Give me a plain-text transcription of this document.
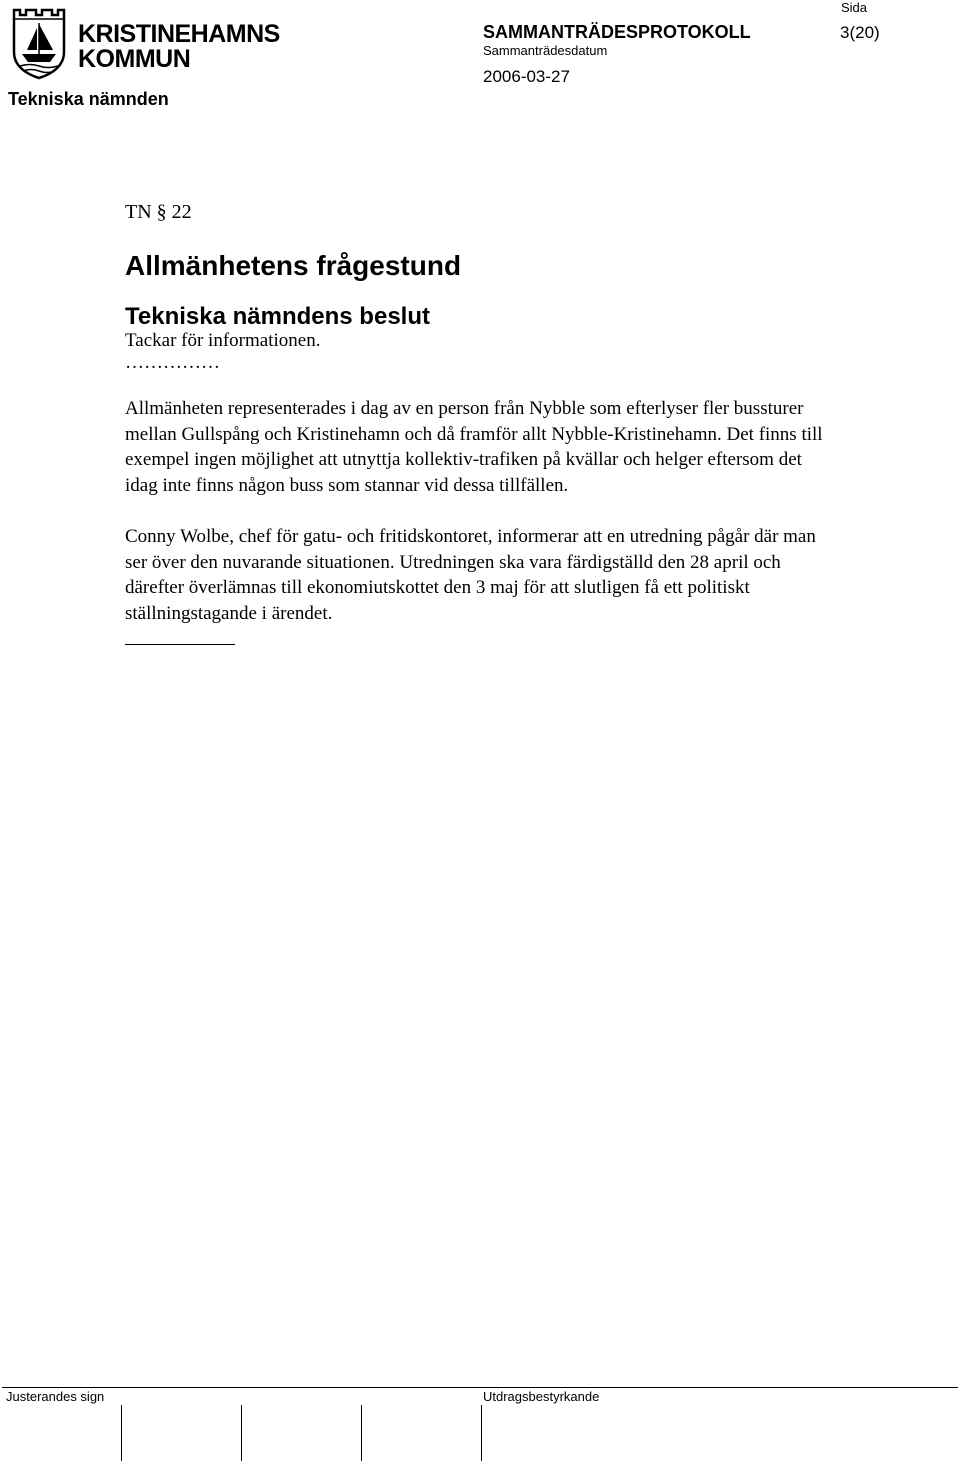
KRISTINEHAMNS
KOMMUN
Tekniska nämnden
Sida
SAMMANTRÄDESPROTOKOLL	3(20)
Sammanträdesdatum
2006-03-27
TN § 22
Allmänhetens frågestund
Tekniska nämndens beslut
Tackar för informationen.
……………
Allmänheten representerades i dag av en person från Nybble som efterlyser fler bussturer mellan Gullspång och Kristinehamn och då framför allt Nybble-Kristinehamn. Det finns till exempel ingen möjlighet att utnyttja kollektiv-trafiken på kvällar och helger eftersom det idag inte finns någon buss som stannar vid dessa tillfällen.
Conny Wolbe, chef för gatu- och fritidskontoret, informerar att en utredning pågår där man ser över den nuvarande situationen. Utredningen ska vara färdigställd den 28 april och därefter överlämnas till ekonomiutskottet den 3 maj för att slutligen få ett politiskt ställningstagande i ärendet.
Justerandes sign	Utdragsbestyrkande
